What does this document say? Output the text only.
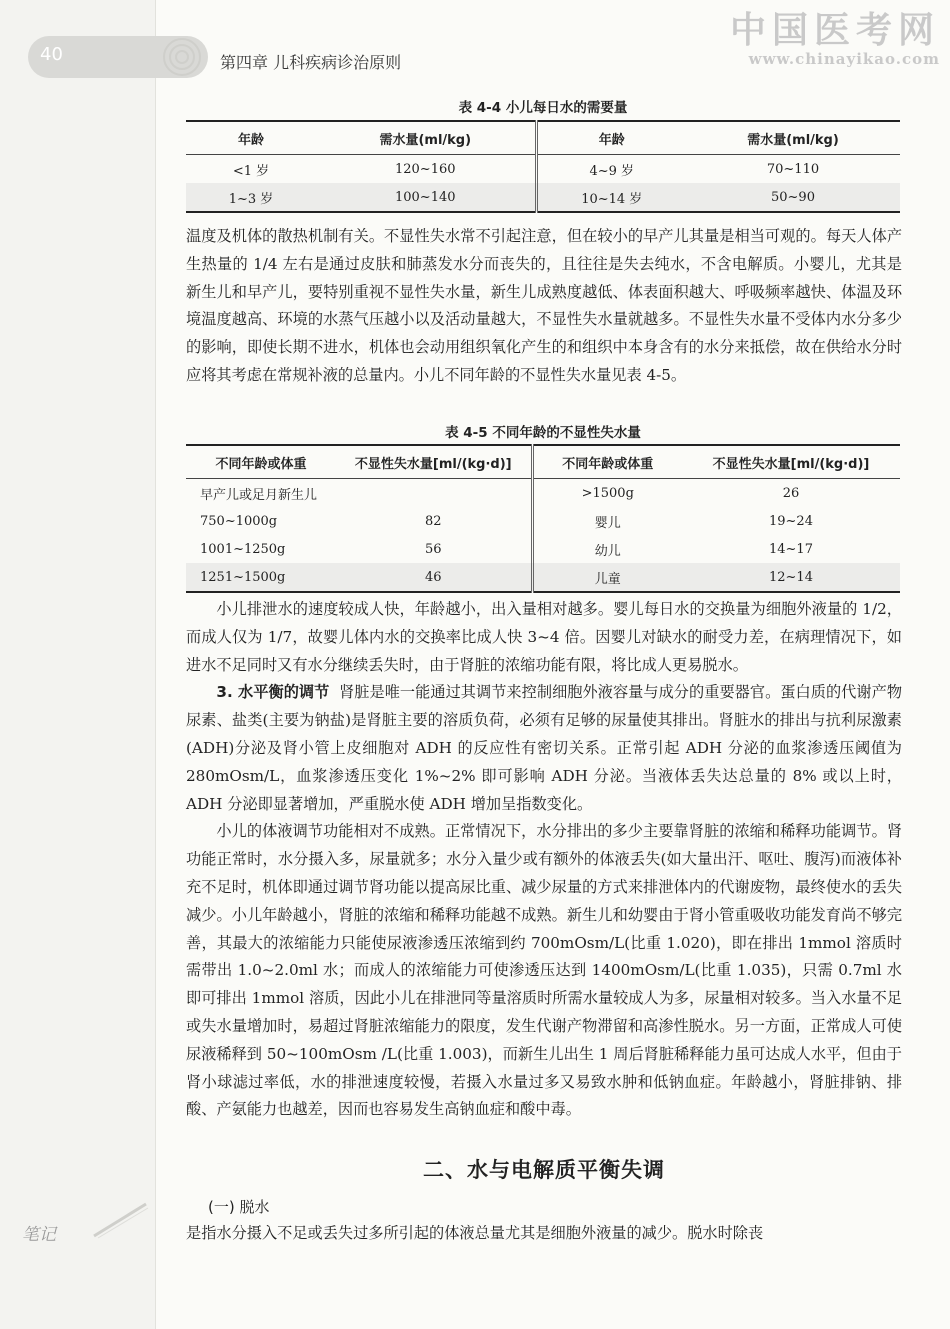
40	第四章 儿科疾病诊治原则
中国医考网
www.chinayikao.com
表 4-4 小儿每日水的需要量
年龄	需水量(ml/kg)	年龄	需水量(ml/kg)
<1 岁	120~160	4~9 岁	70~110
1~3 岁	100~140	10~14 岁	50~90

温度及机体的散热机制有关。不显性失水常不引起注意，但在较小的早产儿其量是相当可观的。每天人体产生热量的 1/4 左右是通过皮肤和肺蒸发水分而丧失的，且往往是失去纯水，不含电解质。小婴儿，尤其是新生儿和早产儿，要特别重视不显性失水量，新生儿成熟度越低、体表面积越大、呼吸频率越快、体温及环境温度越高、环境的水蒸气压越小以及活动量越大，不显性失水量就越多。不显性失水量不受体内水分多少的影响，即使长期不进水，机体也会动用组织氧化产生的和组织中本身含有的水分来抵偿，故在供给水分时应将其考虑在常规补液的总量内。小儿不同年龄的不显性失水量见表 4-5。

表 4-5 不同年龄的不显性失水量
不同年龄或体重	不显性失水量[ml/(kg·d)]	不同年龄或体重	不显性失水量[ml/(kg·d)]
早产儿或足月新生儿		>1500g	26
750~1000g	82	婴儿	19~24
1001~1250g	56	幼儿	14~17
1251~1500g	46	儿童	12~14

小儿排泄水的速度较成人快，年龄越小，出入量相对越多。婴儿每日水的交换量为细胞外液量的 1/2，而成人仅为 1/7，故婴儿体内水的交换率比成人快 3~4 倍。因婴儿对缺水的耐受力差，在病理情况下，如进水不足同时又有水分继续丢失时，由于肾脏的浓缩功能有限，将比成人更易脱水。

3. 水平衡的调节 肾脏是唯一能通过其调节来控制细胞外液容量与成分的重要器官。蛋白质的代谢产物尿素、盐类(主要为钠盐)是肾脏主要的溶质负荷，必须有足够的尿量使其排出。肾脏水的排出与抗利尿激素(ADH)分泌及肾小管上皮细胞对 ADH 的反应性有密切关系。正常引起 ADH 分泌的血浆渗透压阈值为 280mOsm/L，血浆渗透压变化 1%~2% 即可影响 ADH 分泌。当液体丢失达总量的 8% 或以上时，ADH 分泌即显著增加，严重脱水使 ADH 增加呈指数变化。

小儿的体液调节功能相对不成熟。正常情况下，水分排出的多少主要靠肾脏的浓缩和稀释功能调节。肾功能正常时，水分摄入多，尿量就多；水分入量少或有额外的体液丢失(如大量出汗、呕吐、腹泻)而液体补充不足时，机体即通过调节肾功能以提高尿比重、减少尿量的方式来排泄体内的代谢废物，最终使水的丢失减少。小儿年龄越小，肾脏的浓缩和稀释功能越不成熟。新生儿和幼婴由于肾小管重吸收功能发育尚不够完善，其最大的浓缩能力只能使尿液渗透压浓缩到约 700mOsm/L(比重 1.020)，即在排出 1mmol 溶质时需带出 1.0~2.0ml 水；而成人的浓缩能力可使渗透压达到 1400mOsm/L(比重 1.035)，只需 0.7ml 水即可排出 1mmol 溶质，因此小儿在排泄同等量溶质时所需水量较成人为多，尿量相对较多。当入水量不足或失水量增加时，易超过肾脏浓缩能力的限度，发生代谢产物滞留和高渗性脱水。另一方面，正常成人可使尿液稀释到 50~100mOsm /L(比重 1.003)，而新生儿出生 1 周后肾脏稀释能力虽可达成人水平，但由于肾小球滤过率低，水的排泄速度较慢，若摄入水量过多又易致水肿和低钠血症。年龄越小，肾脏排钠、排酸、产氨能力也越差，因而也容易发生高钠血症和酸中毒。

二、水与电解质平衡失调
(一) 脱水

是指水分摄入不足或丢失过多所引起的体液总量尤其是细胞外液量的减少。脱水时除丧

笔记
